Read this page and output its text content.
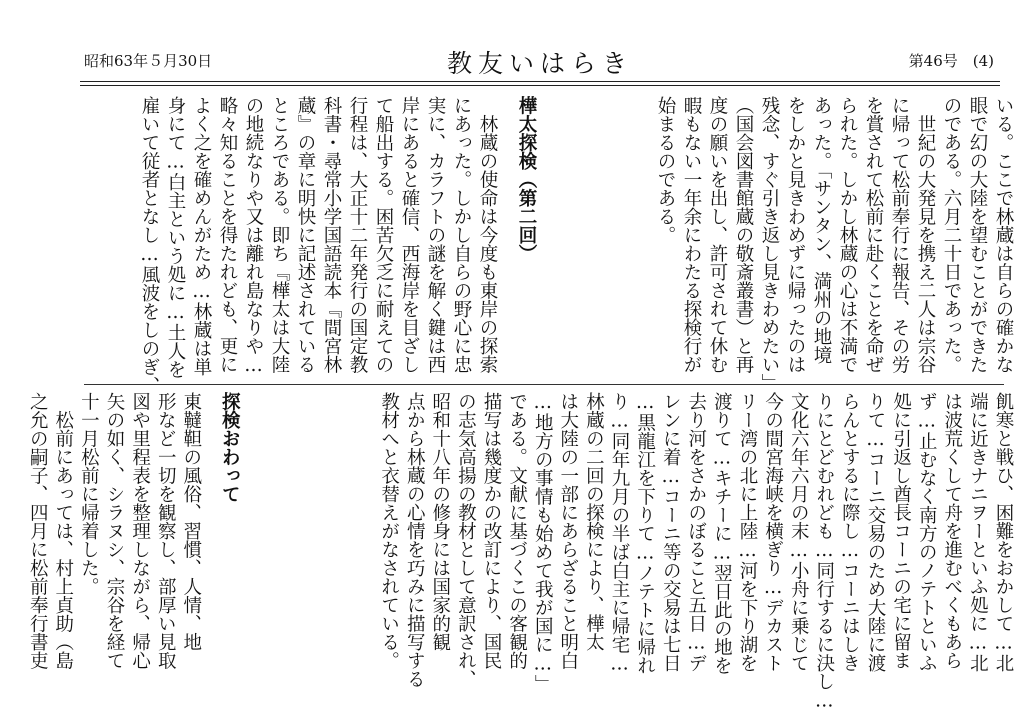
昭和63年５月30日	教友いはらき	第46号　(4)
いる。ここで林蔵は自らの確かな
眼で幻の大陸を望むことができた
のである。六月二十日であった。
　世紀の大発見を携え二人は宗谷
に帰って松前奉行に報告、その労
を賞されて松前に赴くことを命ぜ
られた。しかし林蔵の心は不満で
あった。「サンタン、満州の地境
をしかと見きわめずに帰ったのは
残念、すぐ引き返し見きわめたい」
（国会図書館蔵の敬斎叢書）と再
度の願いを出し、許可されて休む
暇もない一年余にわたる探検行が
始まるのである。
樺太探検（第二回）
　林蔵の使命は今度も東岸の探索
にあった。しかし自らの野心に忠
実に、カラフトの謎を解く鍵は西
岸にあると確信、西海岸を目ざし
て船出する。困苦欠乏に耐えての
行程は、大正十二年発行の国定教
科書・尋常小学国語読本『間宮林
蔵』の章に明快に記述されている
ところである。即ち『樺太は大陸
の地続なりや又は離れ島なりや…
略々知ることを得たれども、更に
よく之を確めんがため…林蔵は単
身にて…白主という処に…土人を
雇いて従者となし…風波をしのぎ、
飢寒と戦ひ、困難をおかして…北
端に近きナニヲーといふ処に…北
は波荒くして舟を進むべくもあら
ず…止むなく南方のノテトといふ
処に引返し酋長コーニの宅に留ま
りて…コーニ交易のため大陸に渡
らんとするに際し…コーニはしき
りにとどむれども…同行するに決し…
文化六年六月の末…小舟に乗じて
今の間宮海峡を横ぎり…デカスト
リー湾の北に上陸…河を下り湖を
渡りて…キチーに…翌日此の地を
去り河をさかのぼること五日…デ
レンに着…コーニ等の交易は七日
…黒龍江を下りて…ノテトに帰れ
り…同年九月の半ば白主に帰宅…
林蔵の二回の探検により、樺太
は大陸の一部にあらざること明白
…地方の事情も始めて我が国に…」
である。文献に基づくこの客観的
描写は幾度かの改訂により、国民
の志気高揚の教材として意訳され、
昭和十八年の修身には国家的観
点から林蔵の心情を巧みに描写する
教材へと衣替えがなされている。
探検おわって
東韃靼の風俗、習慣、人情、地
形など一切を観察し、部厚い見取
図や里程表を整理しながら、帰心
矢の如く、シラヌシ、宗谷を経て
十一月松前に帰着した。
　松前にあっては、村上貞助（島
之允の嗣子、四月に松前奉行書吏
